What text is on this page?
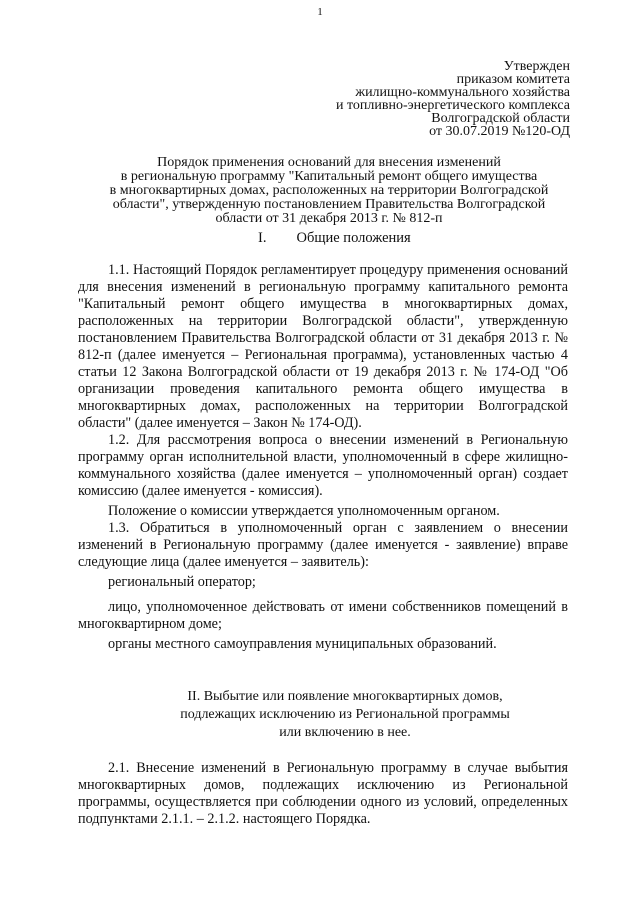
1
Утвержден
приказом комитета
жилищно-коммунального хозяйства
и топливно-энергетического комплекса
Волгоградской области
от 30.07.2019 №120-ОД
Порядок применения оснований для внесения изменений
в региональную программу "Капитальный ремонт общего имущества
в многоквартирных домах, расположенных на территории Волгоградской
области", утвержденную постановлением Правительства Волгоградской
области от 31 декабря 2013 г. № 812-п
I. Общие положения

1.1. Настоящий Порядок регламентирует процедуру применения оснований для внесения изменений в региональную программу капитального ремонта "Капитальный ремонт общего имущества в многоквартирных домах, расположенных на территории Волгоградской области", утвержденную постановлением Правительства Волгоградской области от 31 декабря 2013 г. № 812-п (далее именуется – Региональная программа), установленных частью 4 статьи 12 Закона Волгоградской области от 19 декабря 2013 г. № 174-ОД "Об организации проведения капитального ремонта общего имущества в многоквартирных домах, расположенных на территории Волгоградской области" (далее именуется – Закон № 174-ОД).

1.2. Для рассмотрения вопроса о внесении изменений в Региональную программу орган исполнительной власти, уполномоченный в сфере жилищно-коммунального хозяйства (далее именуется – уполномоченный орган) создает комиссию (далее именуется - комиссия).

Положение о комиссии утверждается уполномоченным органом.

1.3. Обратиться в уполномоченный орган с заявлением о внесении изменений в Региональную программу (далее именуется - заявление) вправе следующие лица (далее именуется – заявитель):

региональный оператор;

лицо, уполномоченное действовать от имени собственников помещений в многоквартирном доме;

органы местного самоуправления муниципальных образований.

II. Выбытие или появление многоквартирных домов,
подлежащих исключению из Региональной программы
или включению в нее.

2.1. Внесение изменений в Региональную программу в случае выбытия многоквартирных домов, подлежащих исключению из Региональной программы, осуществляется при соблюдении одного из условий, определенных подпунктами 2.1.1. – 2.1.2. настоящего Порядка.
